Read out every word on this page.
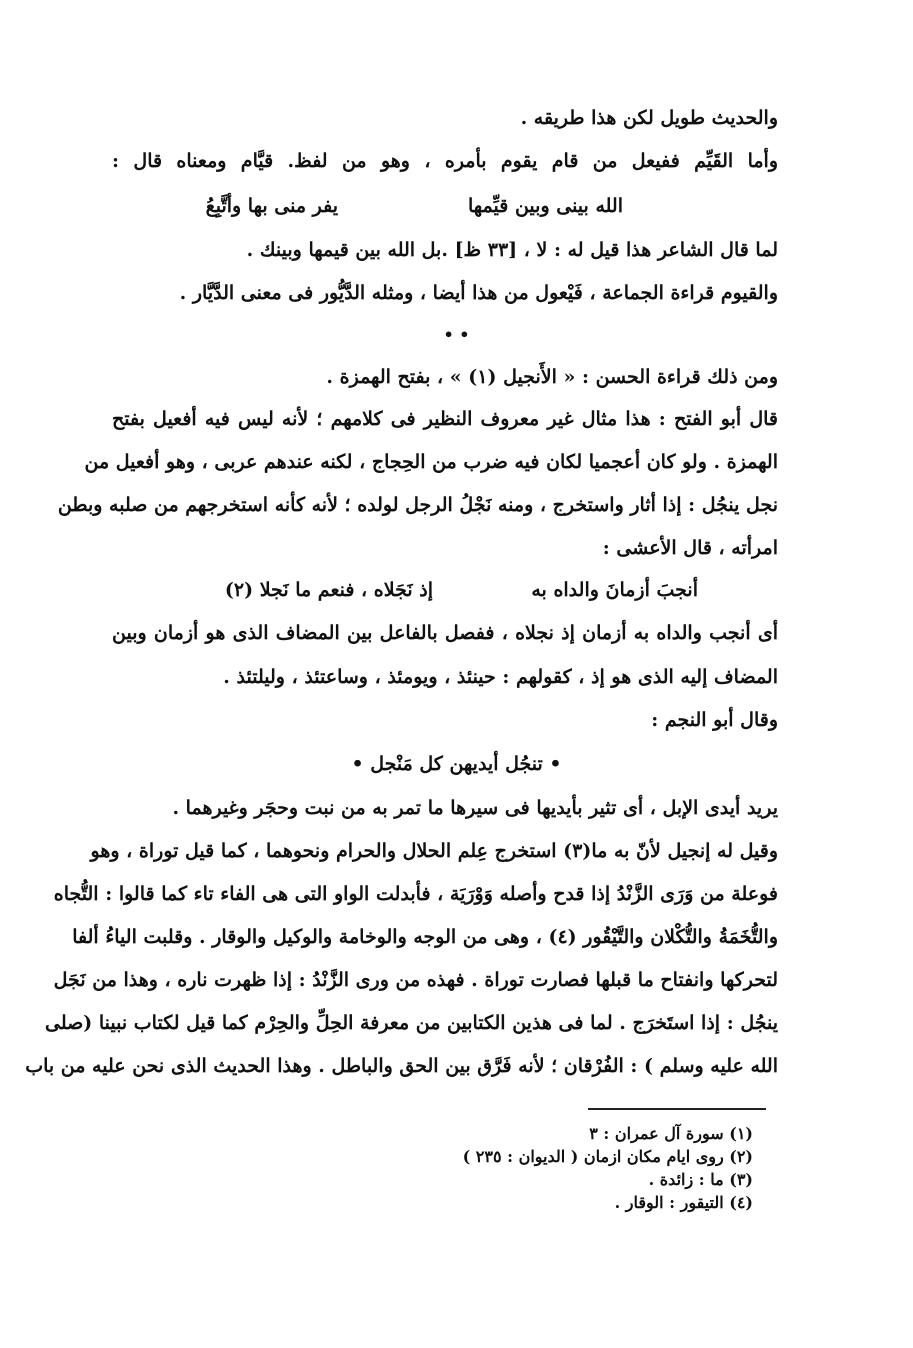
والحديث طويل لكن هذا طريقه .
وأما القَيِّم ففيعل من قام يقوم بأمره ، وهو من لفظ. قيَّام ومعناه قال :
الله بينى وبين قيِّمها
يفر منى بها وأتَّبِعُ
لما قال الشاعر هذا قيل له : لا ، [٣٣ ظ] .بل الله بين قيمها وبينك .
والقيوم قراءة الجماعة ، فَيْعول من هذا أيضا ، ومثله الدَّيُّور فى معنى الدَّيَّار .
• •
ومن ذلك قراءة الحسن : « الأَنجيل (١) » ، بفتح الهمزة .
قال أبو الفتح : هذا مثال غير معروف النظير فى كلامهم ؛ لأنه ليس فيه أفعيل بفتح
الهمزة . ولو كان أعجميا لكان فيه ضرب من الحِجاج ، لكنه عندهم عربى ، وهو أفعيل من
نجل ينجُل : إذا أثار واستخرج ، ومنه نَجْلُ الرجل لولده ؛ لأنه كأنه استخرجهم من صلبه وبطن
امرأته ، قال الأعشى :
أنجبَ أزمانَ والداه به
إذ نَجَلاه ، فنعم ما نَجلا (٢)
أى أنجب والداه به أزمان إذ نجلاه ، ففصل بالفاعل بين المضاف الذى هو أزمان وبين
المضاف إليه الذى هو إذ ، كقولهم : حينئذ ، ويومئذ ، وساعتئذ ، وليلتئذ .
وقال أبو النجم :
• تنجُل أيديهن كل مَنْجل •
يريد أيدى الإبل ، أى تثير بأيديها فى سيرها ما تمر به من نبت وحجَر وغيرهما .
وقيل له إنجيل لأنّ به ما(٣) استخرج عِلم الحلال والحرام ونحوهما ، كما قيل توراة ، وهو
فوعلة من وَرَى الزَّنْدُ إذا قدح وأصله وَوْرَيَة ، فأبدلت الواو التى هى الفاء تاء كما قالوا : التُّجاه
والتُّخَمَةُ والتُّكْلان والتَّيْقُور (٤) ، وهى من الوجه والوخامة والوكيل والوقار . وقلبت الياءُ ألفا
لتحركها وانفتاح ما قبلها فصارت توراة . فهذه من ورى الزَّنْدُ : إذا ظهرت ناره ، وهذا من نَجَل
ينجُل : إذا استَخرَج . لما فى هذين الكتابين من معرفة الحِلِّ والحِرْم كما قيل لكتاب نبينا (صلى
الله عليه وسلم ) : الفُرْقان ؛ لأنه فَرَّق بين الحق والباطل . وهذا الحديث الذى نحن عليه من باب
(١) سورة آل عمران : ٣
(٢) روى ايام مكان ازمان ( الديوان : ٢٣٥ )
(٣) ما : زائدة .
(٤) التيقور : الوقار .
